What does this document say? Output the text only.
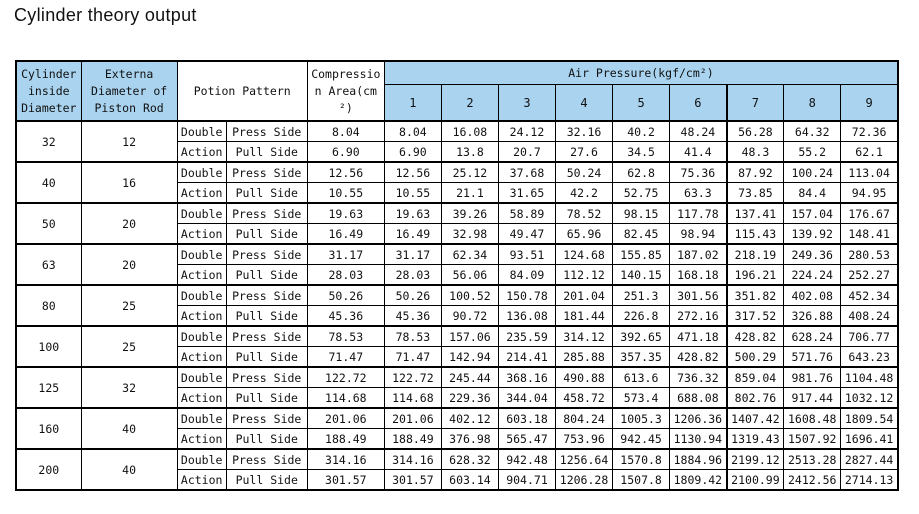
Cylinder theory output
Cylinder inside Diameter	Externa Diameter of Piston Rod	Potion Pattern		Compressio n Area(cm ²)	Air Pressure(kgf/cm²)								
					1	2	3	4	5	6	7	8	9
32	12	Double	Press Side	8.04	8.04	16.08	24.12	32.16	40.2	48.24	56.28	64.32	72.36
		Action	Pull Side	6.90	6.90	13.8	20.7	27.6	34.5	41.4	48.3	55.2	62.1
40	16	Double	Press Side	12.56	12.56	25.12	37.68	50.24	62.8	75.36	87.92	100.24	113.04
		Action	Pull Side	10.55	10.55	21.1	31.65	42.2	52.75	63.3	73.85	84.4	94.95
50	20	Double	Press Side	19.63	19.63	39.26	58.89	78.52	98.15	117.78	137.41	157.04	176.67
		Action	Pull Side	16.49	16.49	32.98	49.47	65.96	82.45	98.94	115.43	139.92	148.41
63	20	Double	Press Side	31.17	31.17	62.34	93.51	124.68	155.85	187.02	218.19	249.36	280.53
		Action	Pull Side	28.03	28.03	56.06	84.09	112.12	140.15	168.18	196.21	224.24	252.27
80	25	Double	Press Side	50.26	50.26	100.52	150.78	201.04	251.3	301.56	351.82	402.08	452.34
		Action	Pull Side	45.36	45.36	90.72	136.08	181.44	226.8	272.16	317.52	326.88	408.24
100	25	Double	Press Side	78.53	78.53	157.06	235.59	314.12	392.65	471.18	428.82	628.24	706.77
		Action	Pull Side	71.47	71.47	142.94	214.41	285.88	357.35	428.82	500.29	571.76	643.23
125	32	Double	Press Side	122.72	122.72	245.44	368.16	490.88	613.6	736.32	859.04	981.76	1104.48
		Action	Pull Side	114.68	114.68	229.36	344.04	458.72	573.4	688.08	802.76	917.44	1032.12
160	40	Double	Press Side	201.06	201.06	402.12	603.18	804.24	1005.3	1206.36	1407.42	1608.48	1809.54
		Action	Pull Side	188.49	188.49	376.98	565.47	753.96	942.45	1130.94	1319.43	1507.92	1696.41
200	40	Double	Press Side	314.16	314.16	628.32	942.48	1256.64	1570.8	1884.96	2199.12	2513.28	2827.44
		Action	Pull Side	301.57	301.57	603.14	904.71	1206.28	1507.8	1809.42	2100.99	2412.56	2714.13
